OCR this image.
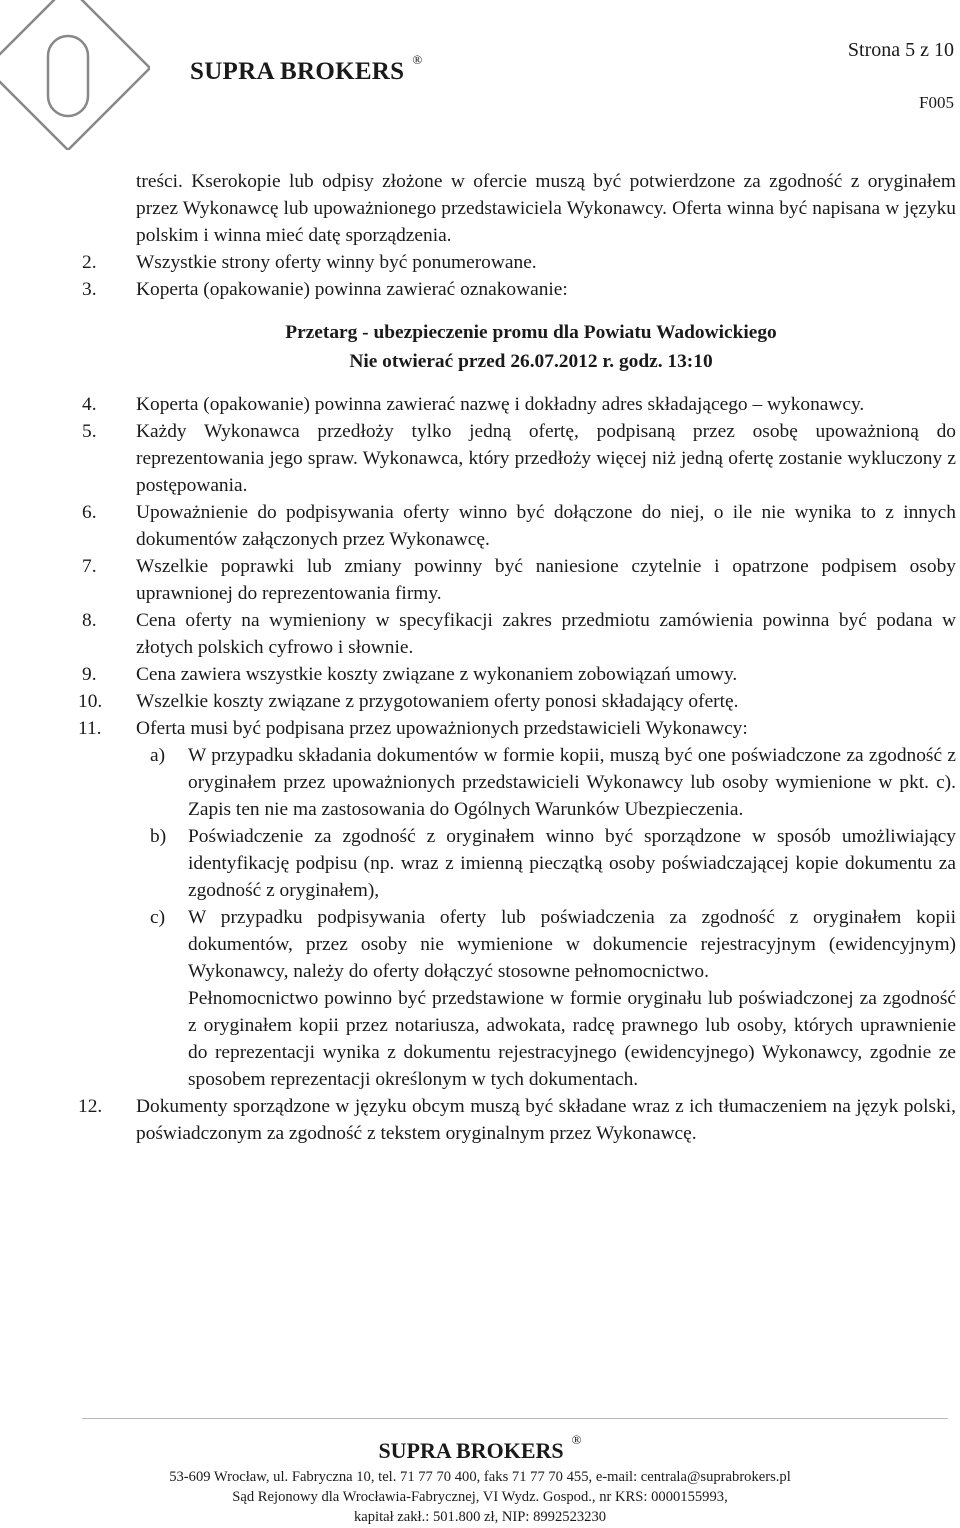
SUPRA BROKERS ®	Strona 5 z 10
F005

treści. Kserokopie lub odpisy złożone w ofercie muszą być potwierdzone za zgodność z oryginałem przez Wykonawcę lub upoważnionego przedstawiciela Wykonawcy. Oferta winna być napisana w języku polskim i winna mieć datę sporządzenia.

2. Wszystkie strony oferty winny być ponumerowane.
3. Koperta (opakowanie) powinna zawierać oznakowanie:
Przetarg - ubezpieczenie promu dla Powiatu Wadowickiego
Nie otwierać przed 26.07.2012 r. godz. 13:10
4. Koperta (opakowanie) powinna zawierać nazwę i dokładny adres składającego – wykonawcy.
5. Każdy Wykonawca przedłoży tylko jedną ofertę, podpisaną przez osobę upoważnioną do reprezentowania jego spraw. Wykonawca, który przedłoży więcej niż jedną ofertę zostanie wykluczony z postępowania.
6. Upoważnienie do podpisywania oferty winno być dołączone do niej, o ile nie wynika to z innych dokumentów załączonych przez Wykonawcę.
7. Wszelkie poprawki lub zmiany powinny być naniesione czytelnie i opatrzone podpisem osoby uprawnionej do reprezentowania firmy.
8. Cena oferty na wymieniony w specyfikacji zakres przedmiotu zamówienia powinna być podana w złotych polskich cyfrowo i słownie.
9. Cena zawiera wszystkie koszty związane z wykonaniem zobowiązań umowy.
10. Wszelkie koszty związane z przygotowaniem oferty ponosi składający ofertę.
11. Oferta musi być podpisana przez upoważnionych przedstawicieli Wykonawcy:
a) W przypadku składania dokumentów w formie kopii, muszą być one poświadczone za zgodność z oryginałem przez upoważnionych przedstawicieli Wykonawcy lub osoby wymienione w pkt. c). Zapis ten nie ma zastosowania do Ogólnych Warunków Ubezpieczenia.
b) Poświadczenie za zgodność z oryginałem winno być sporządzone w sposób umożliwiający identyfikację podpisu (np. wraz z imienną pieczątką osoby poświadczającej kopie dokumentu za zgodność z oryginałem),
c) W przypadku podpisywania oferty lub poświadczenia za zgodność z oryginałem kopii dokumentów, przez osoby nie wymienione w dokumencie rejestracyjnym (ewidencyjnym) Wykonawcy, należy do oferty dołączyć stosowne pełnomocnictwo.
Pełnomocnictwo powinno być przedstawione w formie oryginału lub poświadczonej za zgodność z oryginałem kopii przez notariusza, adwokata, radcę prawnego lub osoby, których uprawnienie do reprezentacji wynika z dokumentu rejestracyjnego (ewidencyjnego) Wykonawcy, zgodnie ze sposobem reprezentacji określonym w tych dokumentach.
12. Dokumenty sporządzone w języku obcym muszą być składane wraz z ich tłumaczeniem na język polski, poświadczonym za zgodność z tekstem oryginalnym przez Wykonawcę.
SUPRA BROKERS ®
53-609 Wrocław, ul. Fabryczna 10, tel. 71 77 70 400, faks 71 77 70 455, e-mail: centrala@suprabrokers.pl
Sąd Rejonowy dla Wrocławia-Fabrycznej, VI Wydz. Gospod., nr KRS: 0000155993,
kapitał zakł.: 501.800 zł, NIP: 8992523230
